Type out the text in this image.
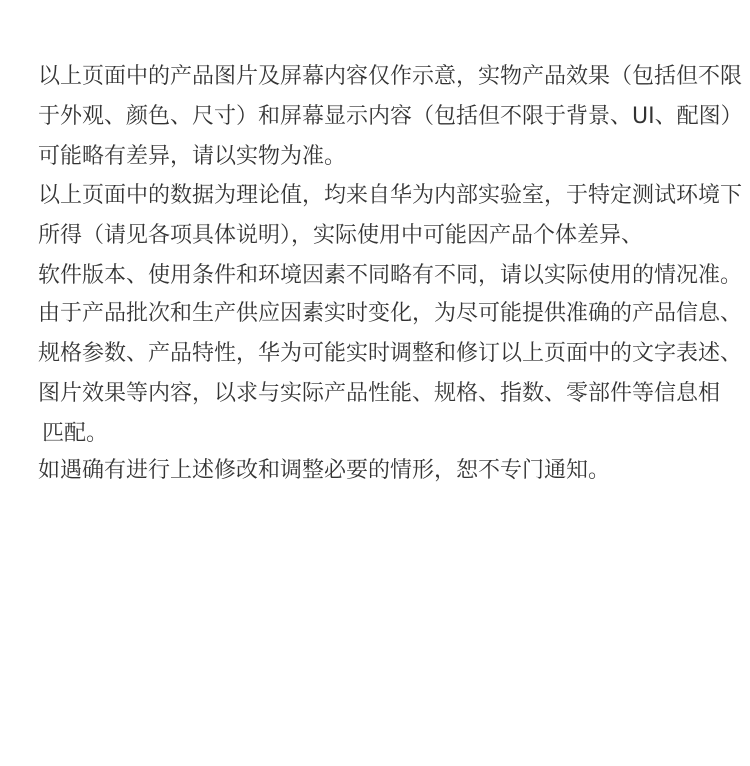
以上页面中的产品图片及屏幕内容仅作示意，实物产品效果（包括但不限
于外观、颜色、尺寸）和屏幕显示内容（包括但不限于背景、UI、配图）
可能略有差异，请以实物为准。
以上页面中的数据为理论值，均来自华为内部实验室，于特定测试环境下
所得（请见各项具体说明），实际使用中可能因产品个体差异、
软件版本、使用条件和环境因素不同略有不同，请以实际使用的情况准。
由于产品批次和生产供应因素实时变化，为尽可能提供准确的产品信息、
规格参数、产品特性，华为可能实时调整和修订以上页面中的文字表述、
图片效果等内容，以求与实际产品性能、规格、指数、零部件等信息相
匹配。
如遇确有进行上述修改和调整必要的情形，恕不专门通知。
